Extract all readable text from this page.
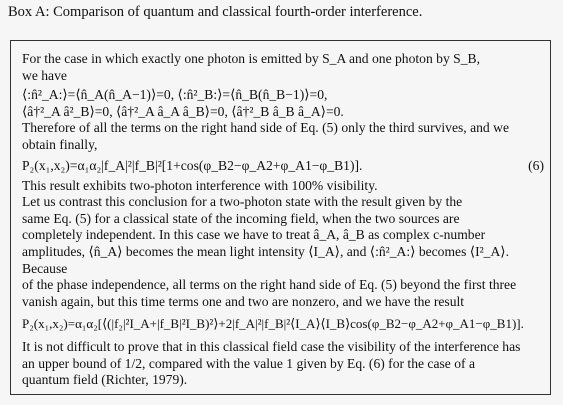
Box A: Comparison of quantum and classical fourth-order interference.

For the case in which exactly one photon is emitted by S_A and one photon by S_B,

we have

⟨:n̂²_A:⟩=⟨n̂_A(n̂_A−1)⟩=0, ⟨:n̂²_B:⟩=⟨n̂_B(n̂_B−1)⟩=0,

⟨â†²_A â²_B⟩=0, ⟨â†²_A â_A â_B⟩=0, ⟨â†²_B â_B â_A⟩=0.

Therefore of all the terms on the right hand side of Eq. (5) only the third survives, and we

obtain finally,

P₂(x₁,x₂)=α₁α₂|f_A|²|f_B|²[1+cos(φ_B2−φ_A2+φ_A1−φ_B1)].	(6)

This result exhibits two-photon interference with 100% visibility.

Let us contrast this conclusion for a two-photon state with the result given by the

same Eq. (5) for a classical state of the incoming field, when the two sources are

completely independent. In this case we have to treat â_A, â_B as complex c-number

amplitudes, ⟨n̂_A⟩ becomes the mean light intensity ⟨I_A⟩, and ⟨:n̂²_A:⟩ becomes ⟨I²_A⟩. Because

of the phase independence, all terms on the right hand side of Eq. (5) beyond the first three

vanish again, but this time terms one and two are nonzero, and we have the result

P₂(x₁,x₂)=α₁α₂[⟨(|f₂|²I_A+|f_B|²I_B)²⟩+2|f_A|²|f_B|²⟨I_A⟩⟨I_B⟩cos(φ_B2−φ_A2+φ_A1−φ_B1)].

It is not difficult to prove that in this classical field case the visibility of the interference has

an upper bound of 1/2, compared with the value 1 given by Eq. (6) for the case of a

quantum field (Richter, 1979).
